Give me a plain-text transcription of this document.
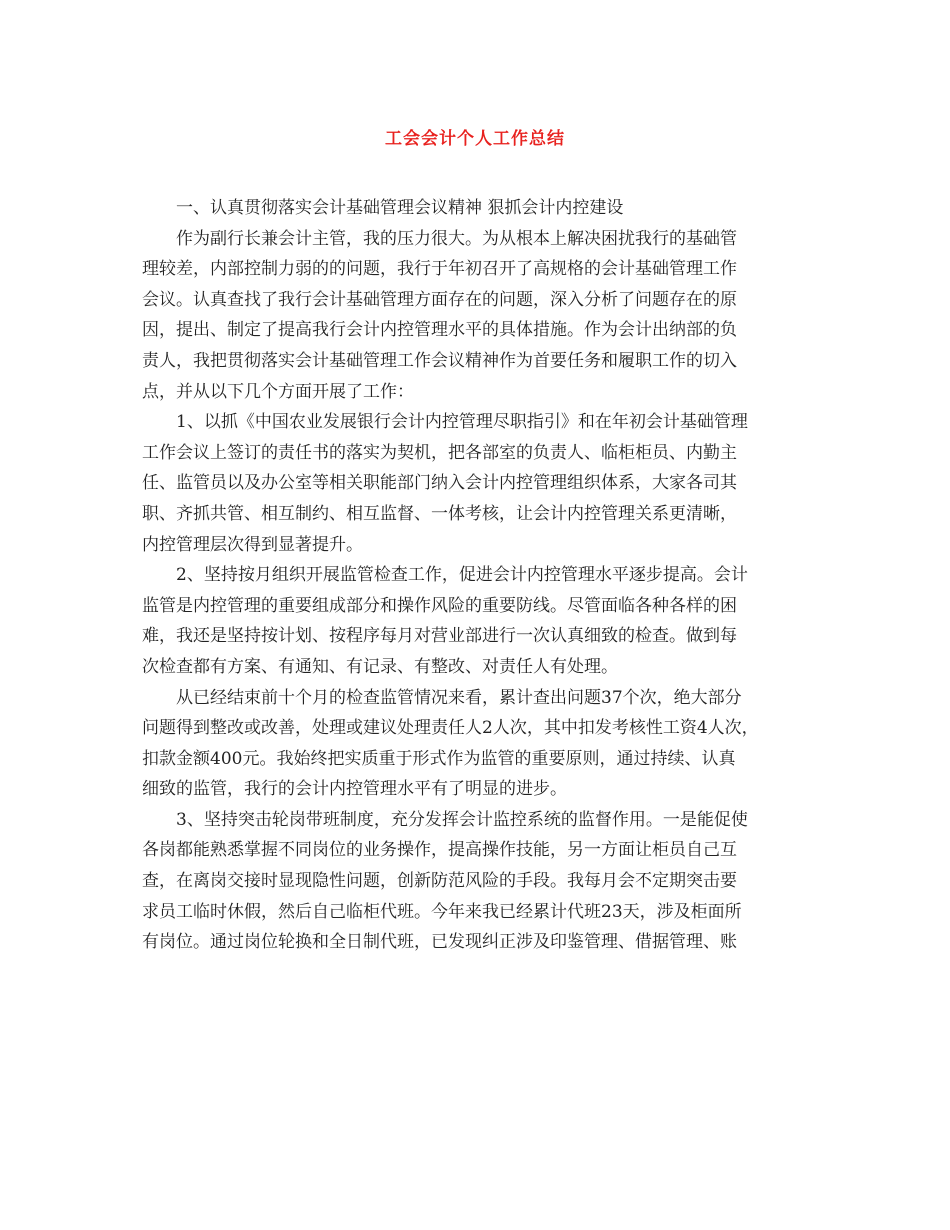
工会会计个人工作总结
一、认真贯彻落实会计基础管理会议精神 狠抓会计内控建设
作为副行长兼会计主管，我的压力很大。为从根本上解决困扰我行的基础管
理较差，内部控制力弱的的问题，我行于年初召开了高规格的会计基础管理工作
会议。认真查找了我行会计基础管理方面存在的问题，深入分析了问题存在的原
因，提出、制定了提高我行会计内控管理水平的具体措施。作为会计出纳部的负
责人，我把贯彻落实会计基础管理工作会议精神作为首要任务和履职工作的切入
点，并从以下几个方面开展了工作：
1、以抓《中国农业发展银行会计内控管理尽职指引》和在年初会计基础管理
工作会议上签订的责任书的落实为契机，把各部室的负责人、临柜柜员、内勤主
任、监管员以及办公室等相关职能部门纳入会计内控管理组织体系，大家各司其
职、齐抓共管、相互制约、相互监督、一体考核，让会计内控管理关系更清晰，
内控管理层次得到显著提升。
2、坚持按月组织开展监管检查工作，促进会计内控管理水平逐步提高。会计
监管是内控管理的重要组成部分和操作风险的重要防线。尽管面临各种各样的困
难，我还是坚持按计划、按程序每月对营业部进行一次认真细致的检查。做到每
次检查都有方案、有通知、有记录、有整改、对责任人有处理。
从已经结束前十个月的检查监管情况来看，累计查出问题37个次，绝大部分
问题得到整改或改善，处理或建议处理责任人2人次，其中扣发考核性工资4人次，
扣款金额400元。我始终把实质重于形式作为监管的重要原则，通过持续、认真
细致的监管，我行的会计内控管理水平有了明显的进步。
3、坚持突击轮岗带班制度，充分发挥会计监控系统的监督作用。一是能促使
各岗都能熟悉掌握不同岗位的业务操作，提高操作技能，另一方面让柜员自己互
查，在离岗交接时显现隐性问题，创新防范风险的手段。我每月会不定期突击要
求员工临时休假，然后自己临柜代班。今年来我已经累计代班23天，涉及柜面所
有岗位。通过岗位轮换和全日制代班，已发现纠正涉及印鉴管理、借据管理、账
